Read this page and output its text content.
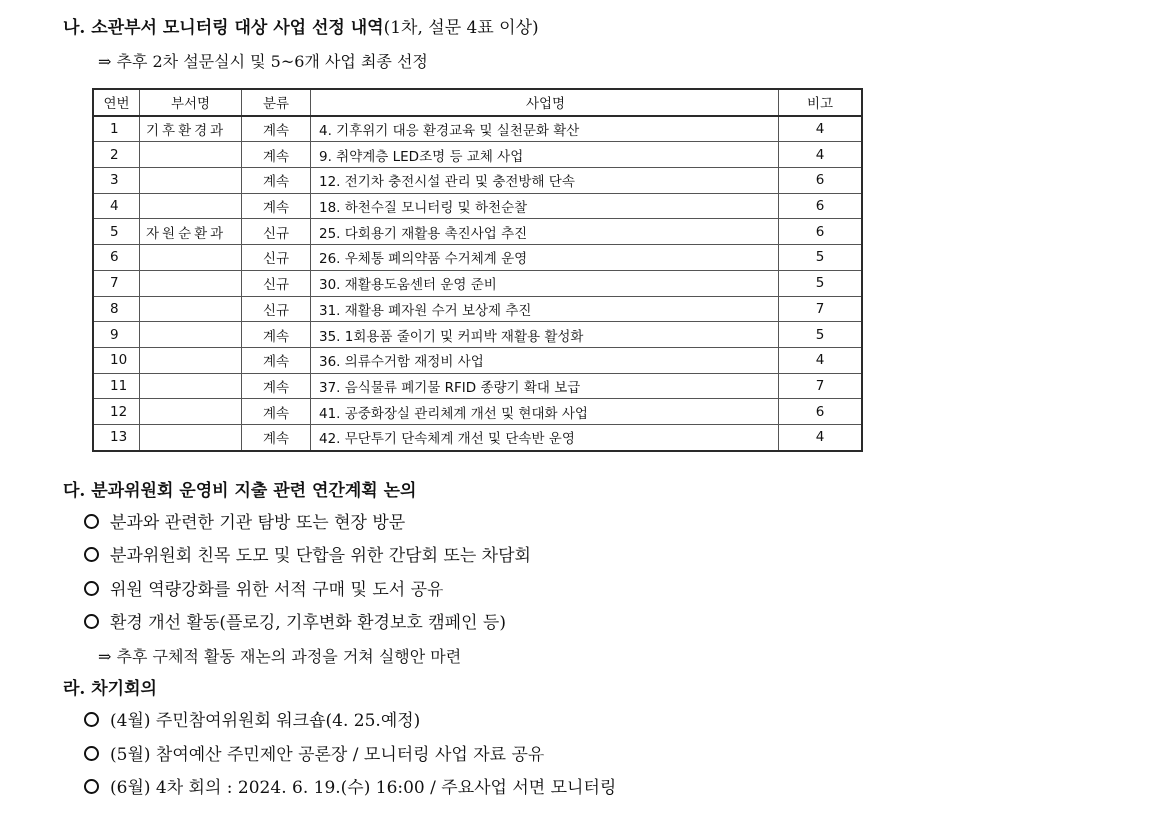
나. 소관부서 모니터링 대상 사업 선정 내역(1차, 설문 4표 이상)
⇒ 추후 2차 설문실시 및 5~6개 사업 최종 선정
연번	부서명	분류	사업명	비고
1	기후환경과	계속	4. 기후위기 대응 환경교육 및 실천문화 확산	4
2		계속	9. 취약계층 LED조명 등 교체 사업	4
3		계속	12. 전기차 충전시설 관리 및 충전방해 단속	6
4		계속	18. 하천수질 모니터링 및 하천순찰	6
5	자원순환과	신규	25. 다회용기 재활용 촉진사업 추진	6
6		신규	26. 우체통 폐의약품 수거체계 운영	5
7		신규	30. 재활용도움센터 운영 준비	5
8		신규	31. 재활용 폐자원 수거 보상제 추진	7
9		계속	35. 1회용품 줄이기 및 커피박 재활용 활성화	5
10		계속	36. 의류수거함 재정비 사업	4
11		계속	37. 음식물류 폐기물 RFID 종량기 확대 보급	7
12		계속	41. 공중화장실 관리체계 개선 및 현대화 사업	6
13		계속	42. 무단투기 단속체계 개선 및 단속반 운영	4
다. 분과위원회 운영비 지출 관련 연간계획 논의
분과와 관련한 기관 탐방 또는 현장 방문
분과위원회 친목 도모 및 단합을 위한 간담회 또는 차담회
위원 역량강화를 위한 서적 구매 및 도서 공유
환경 개선 활동(플로깅, 기후변화 환경보호 캠페인 등)
⇒ 추후 구체적 활동 재논의 과정을 거쳐 실행안 마련
라. 차기회의
(4월) 주민참여위원회 워크숍(4. 25.예정)
(5월) 참여예산 주민제안 공론장 / 모니터링 사업 자료 공유
(6월) 4차 회의 : 2024. 6. 19.(수) 16:00 / 주요사업 서면 모니터링
